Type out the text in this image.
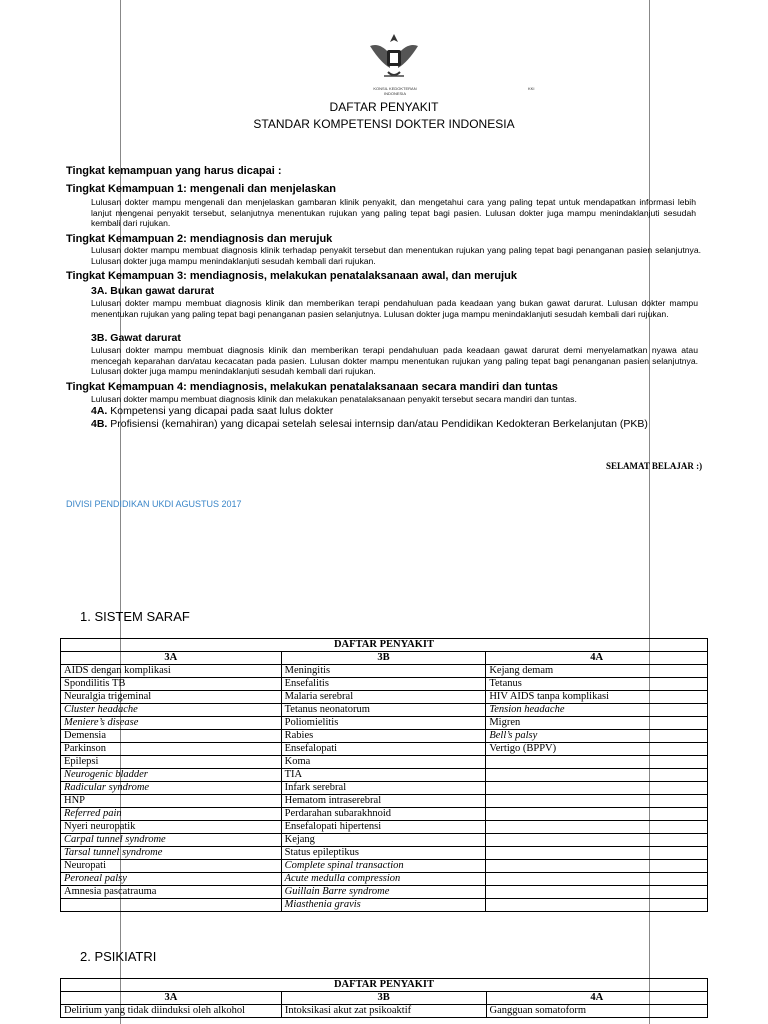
KONSIL KEDOKTERAN INDONESIA
KKI
DAFTAR PENYAKIT
STANDAR KOMPETENSI DOKTER INDONESIA
Tingkat kemampuan yang harus dicapai :
Tingkat Kemampuan 1: mengenali dan menjelaskan
Lulusan dokter mampu mengenali dan menjelaskan gambaran klinik penyakit, dan mengetahui cara yang paling tepat untuk mendapatkan informasi lebih lanjut mengenai penyakit tersebut, selanjutnya menentukan rujukan yang paling tepat bagi pasien. Lulusan dokter juga mampu menindaklanjuti sesudah kembali dari rujukan.
Tingkat Kemampuan 2: mendiagnosis dan merujuk
Lulusan dokter mampu membuat diagnosis klinik terhadap penyakit tersebut dan menentukan rujukan yang paling tepat bagi penanganan pasien selanjutnya. Lulusan dokter juga mampu menindaklanjuti sesudah kembali dari rujukan.
Tingkat Kemampuan 3: mendiagnosis, melakukan penatalaksanaan awal, dan merujuk
3A. Bukan gawat darurat
Lulusan dokter mampu membuat diagnosis klinik dan memberikan terapi pendahuluan pada keadaan yang bukan gawat darurat. Lulusan dokter mampu menentukan rujukan yang paling tepat bagi penanganan pasien selanjutnya. Lulusan dokter juga mampu menindaklanjuti sesudah kembali dari rujukan.
3B. Gawat darurat
Lulusan dokter mampu membuat diagnosis klinik dan memberikan terapi pendahuluan pada keadaan gawat darurat demi menyelamatkan nyawa atau mencegah keparahan dan/atau kecacatan pada pasien. Lulusan dokter mampu menentukan rujukan yang paling tepat bagi penanganan pasien selanjutnya. Lulusan dokter juga mampu menindaklanjuti sesudah kembali dari rujukan.
Tingkat Kemampuan 4: mendiagnosis, melakukan penatalaksanaan secara mandiri dan tuntas
Lulusan dokter mampu membuat diagnosis klinik dan melakukan penatalaksanaan penyakit tersebut secara mandiri dan tuntas.
4A. Kompetensi yang dicapai pada saat lulus dokter
4B. Profisiensi (kemahiran) yang dicapai setelah selesai internsip dan/atau Pendidikan Kedokteran Berkelanjutan (PKB)
SELAMAT BELAJAR :)
DIVISI PENDIDIKAN UKDI AGUSTUS 2017
1. SISTEM SARAF
DAFTAR PENYAKIT		
3A	3B	4A
AIDS dengan komplikasi	Meningitis	Kejang demam
Spondilitis TB	Ensefalitis	Tetanus
Neuralgia trigeminal	Malaria serebral	HIV AIDS tanpa komplikasi
Cluster headache	Tetanus neonatorum	Tension headache
Meniere’s disease	Poliomielitis	Migren
Demensia	Rabies	Bell’s palsy
Parkinson	Ensefalopati	Vertigo (BPPV)
Epilepsi	Koma	
Neurogenic bladder	TIA	
Radicular syndrome	Infark serebral	
HNP	Hematom intraserebral	
Referred pain	Perdarahan subarakhnoid	
Nyeri neuropatik	Ensefalopati hipertensi	
Carpal tunnel syndrome	Kejang	
Tarsal tunnel syndrome	Status epileptikus	
Neuropati	Complete spinal transaction	
Peroneal palsy	Acute medulla compression	
Amnesia pascatrauma	Guillain Barre syndrome	
	Miasthenia gravis	
2. PSIKIATRI
DAFTAR PENYAKIT		
3A	3B	4A
Delirium yang tidak diinduksi oleh alkohol	Intoksikasi akut zat psikoaktif	Gangguan somatoform
